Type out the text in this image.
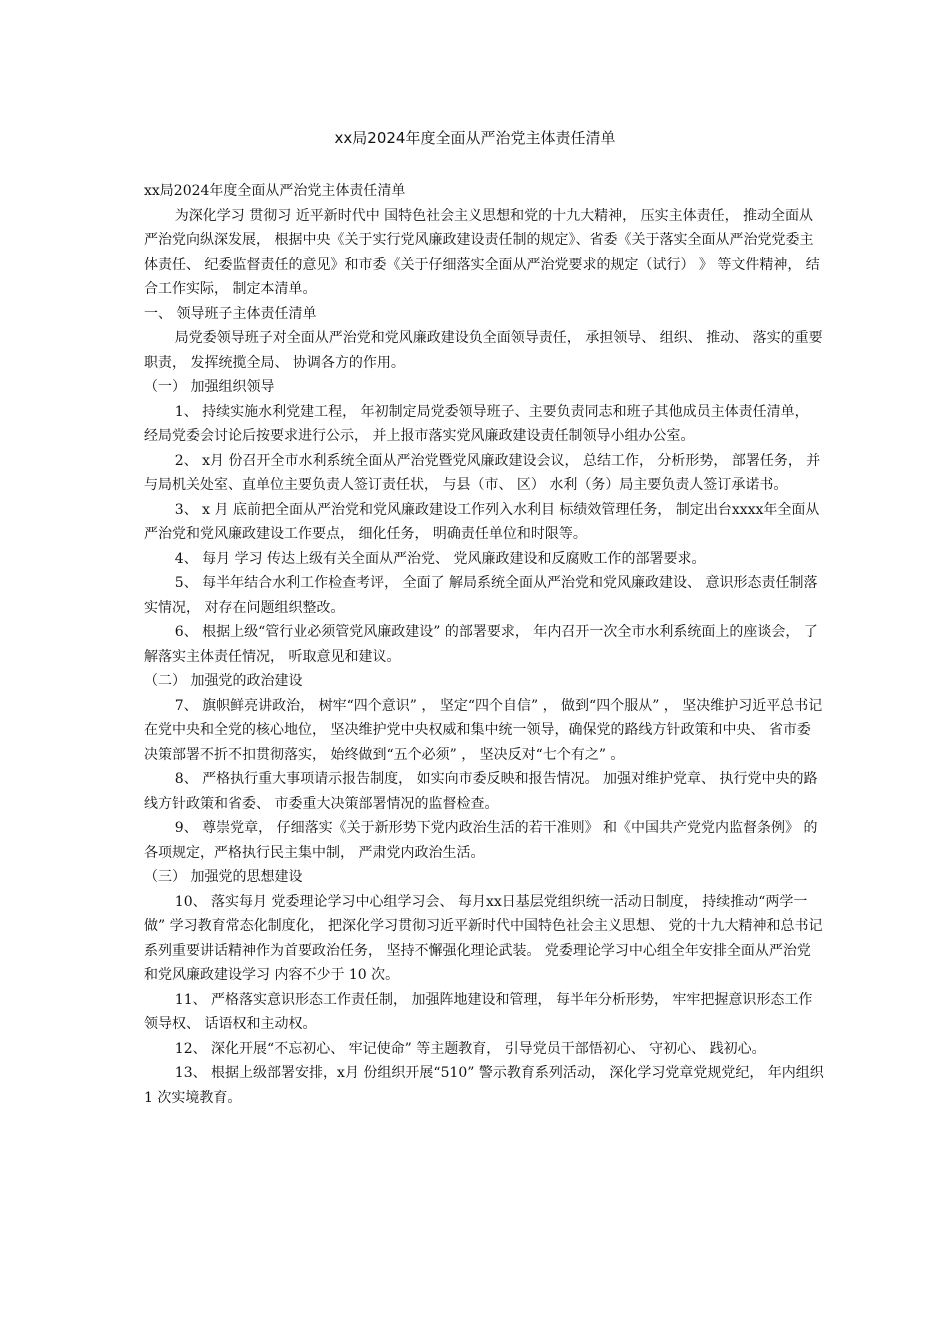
xx局2024年度全面从严治党主体责任清单

xx局2024年度全面从严治党主体责任清单

为深化学习 贯彻习 近平新时代中 国特色社会主义思想和党的十九大精神， 压实主体责任， 推动全面从严治党向纵深发展， 根据中央《关于实行党风廉政建设责任制的规定》、省委《关于落实全面从严治党党委主体责任、 纪委监督责任的意见》和市委《关于仔细落实全面从严治党要求的规定（试行） 》 等文件精神， 结合工作实际， 制定本清单。

一、 领导班子主体责任清单

局党委领导班子对全面从严治党和党风廉政建设负全面领导责任， 承担领导、 组织、 推动、 落实的重要职责， 发挥统揽全局、 协调各方的作用。

（一） 加强组织领导

1、 持续实施水利党建工程， 年初制定局党委领导班子、主要负责同志和班子其他成员主体责任清单， 经局党委会讨论后按要求进行公示， 并上报市落实党风廉政建设责任制领导小组办公室。

2、 x月 份召开全市水利系统全面从严治党暨党风廉政建设会议， 总结工作， 分析形势， 部署任务， 并与局机关处室、直单位主要负责人签订责任状， 与县（市、 区） 水利（务）局主要负责人签订承诺书。

3、 x 月 底前把全面从严治党和党风廉政建设工作列入水利目 标绩效管理任务， 制定出台xxxx年全面从严治党和党风廉政建设工作要点， 细化任务， 明确责任单位和时限等。

4、 每月 学习 传达上级有关全面从严治党、 党风廉政建设和反腐败工作的部署要求。

5、 每半年结合水利工作检查考评， 全面了 解局系统全面从严治党和党风廉政建设、 意识形态责任制落实情况， 对存在问题组织整改。

6、 根据上级“管行业必须管党风廉政建设” 的部署要求， 年内召开一次全市水利系统面上的座谈会， 了 解落实主体责任情况， 听取意见和建议。

（二） 加强党的政治建设

7、 旗帜鲜亮讲政治， 树牢“四个意识” ， 坚定“四个自信” ， 做到“四个服从” ， 坚决维护习近平总书记在党中央和全党的核心地位， 坚决维护党中央权威和集中统一领导，确保党的路线方针政策和中央、 省市委决策部署不折不扣贯彻落实， 始终做到“五个必须” ， 坚决反对“七个有之” 。

8、 严格执行重大事项请示报告制度， 如实向市委反映和报告情况。 加强对维护党章、 执行党中央的路线方针政策和省委、 市委重大决策部署情况的监督检查。

9、 尊崇党章， 仔细落实《关于新形势下党内政治生活的若干准则》 和《中国共产党党内监督条例》 的各项规定，严格执行民主集中制， 严肃党内政治生活。

（三） 加强党的思想建设

10、 落实每月 党委理论学习中心组学习会、 每月xx日基层党组织统一活动日制度， 持续推动“两学一做” 学习教育常态化制度化， 把深化学习贯彻习近平新时代中国特色社会主义思想、 党的十九大精神和总书记系列重要讲话精神作为首要政治任务， 坚持不懈强化理论武装。 党委理论学习中心组全年安排全面从严治党和党风廉政建设学习 内容不少于 10 次。

11、 严格落实意识形态工作责任制， 加强阵地建设和管理， 每半年分析形势， 牢牢把握意识形态工作领导权、 话语权和主动权。

12、 深化开展“不忘初心、 牢记使命” 等主题教育， 引导党员干部悟初心、 守初心、 践初心。

13、 根据上级部署安排，x月 份组织开展“510” 警示教育系列活动， 深化学习党章党规党纪， 年内组织 1 次实境教育。
